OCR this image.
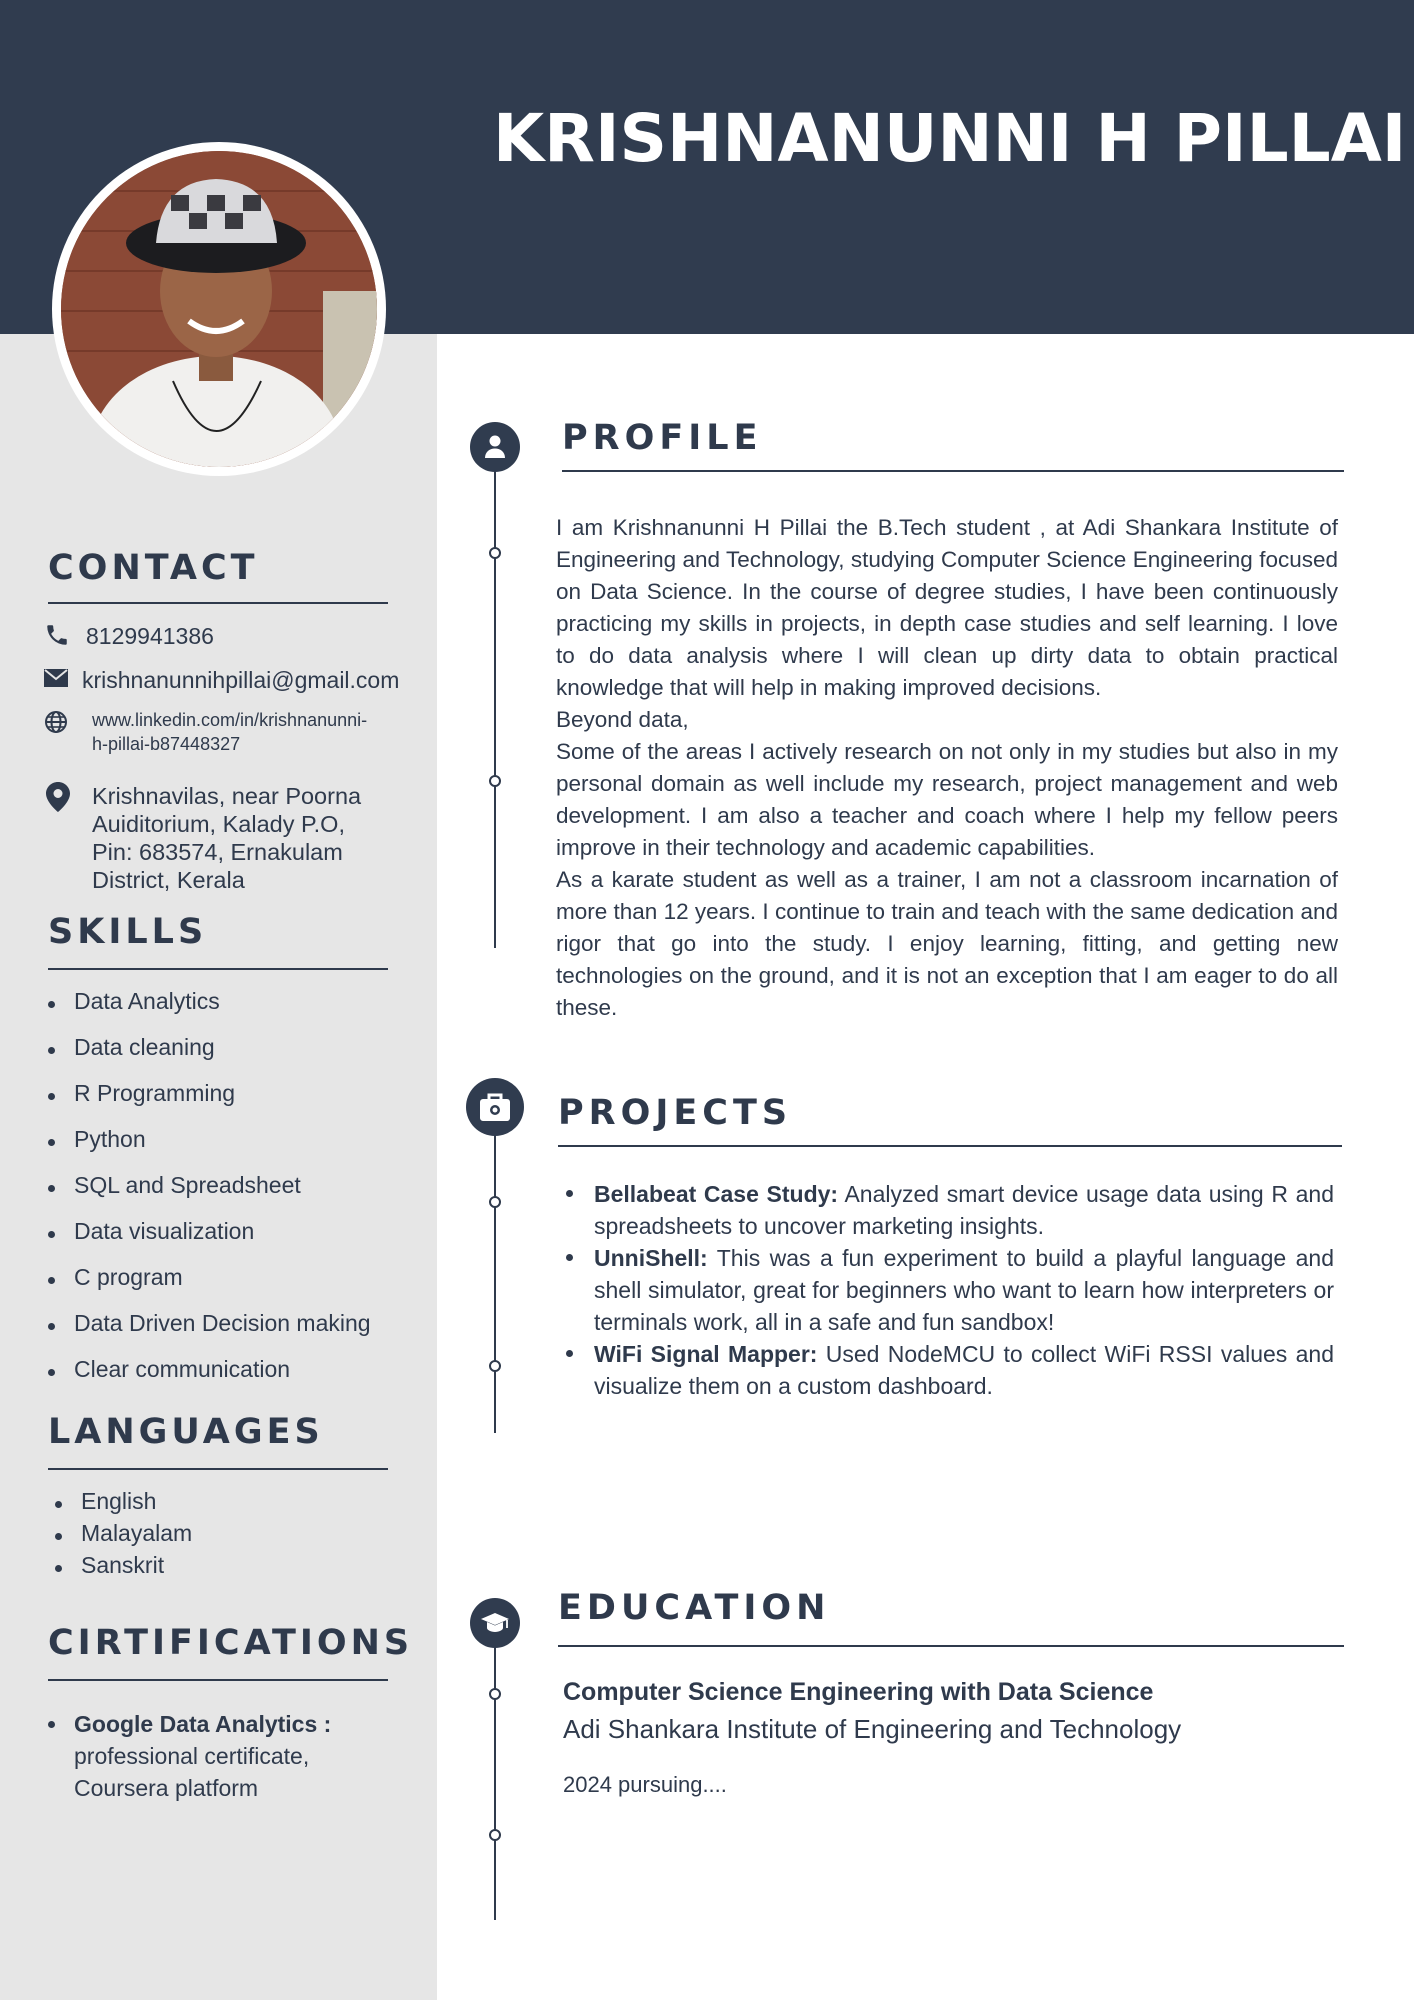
KRISHNANUNNI H PILLAI
CONTACT
8129941386
krishnanunnihpillai@gmail.com
www.linkedin.com/in/krishnanunni-
h-pillai-b87448327
Krishnavilas, near Poorna
Auiditorium, Kalady P.O,
Pin: 683574, Ernakulam
District, Kerala
SKILLS
Data Analytics
Data cleaning
R Programming
Python
SQL and Spreadsheet
Data visualization
C program
Data Driven Decision making
Clear communication
LANGUAGES
English
Malayalam
Sanskrit
CIRTIFICATIONS
Google Data Analytics :
professional certificate,
Coursera platform
PROFILE

I am Krishnanunni H Pillai the B.Tech student , at Adi Shankara Institute of Engineering and Technology, studying Computer Science Engineering focused on Data Science. In the course of degree studies, I have been continuously practicing my skills in projects, in depth case studies and self learning. I love to do data analysis where I will clean up dirty data to obtain practical knowledge that will help in making improved decisions.

Beyond data,

Some of the areas I actively research on not only in my studies but also in my personal domain as well include my research, project management and web development. I am also a teacher and coach where I help my fellow peers improve in their technology and academic capabilities.

As a karate student as well as a trainer, I am not a classroom incarnation of more than 12 years. I continue to train and teach with the same dedication and rigor that go into the study. I enjoy learning, fitting, and getting new technologies on the ground, and it is not an exception that I am eager to do all these.

PROJECTS
Bellabeat Case Study: Analyzed smart device usage data using R and spreadsheets to uncover marketing insights.
UnniShell: This was a fun experiment to build a playful language and shell simulator, great for beginners who want to learn how interpreters or terminals work, all in a safe and fun sandbox!
WiFi Signal Mapper: Used NodeMCU to collect WiFi RSSI values and visualize them on a custom dashboard.
EDUCATION
Computer Science Engineering with Data Science
Adi Shankara Institute of Engineering and Technology
2024 pursuing....
